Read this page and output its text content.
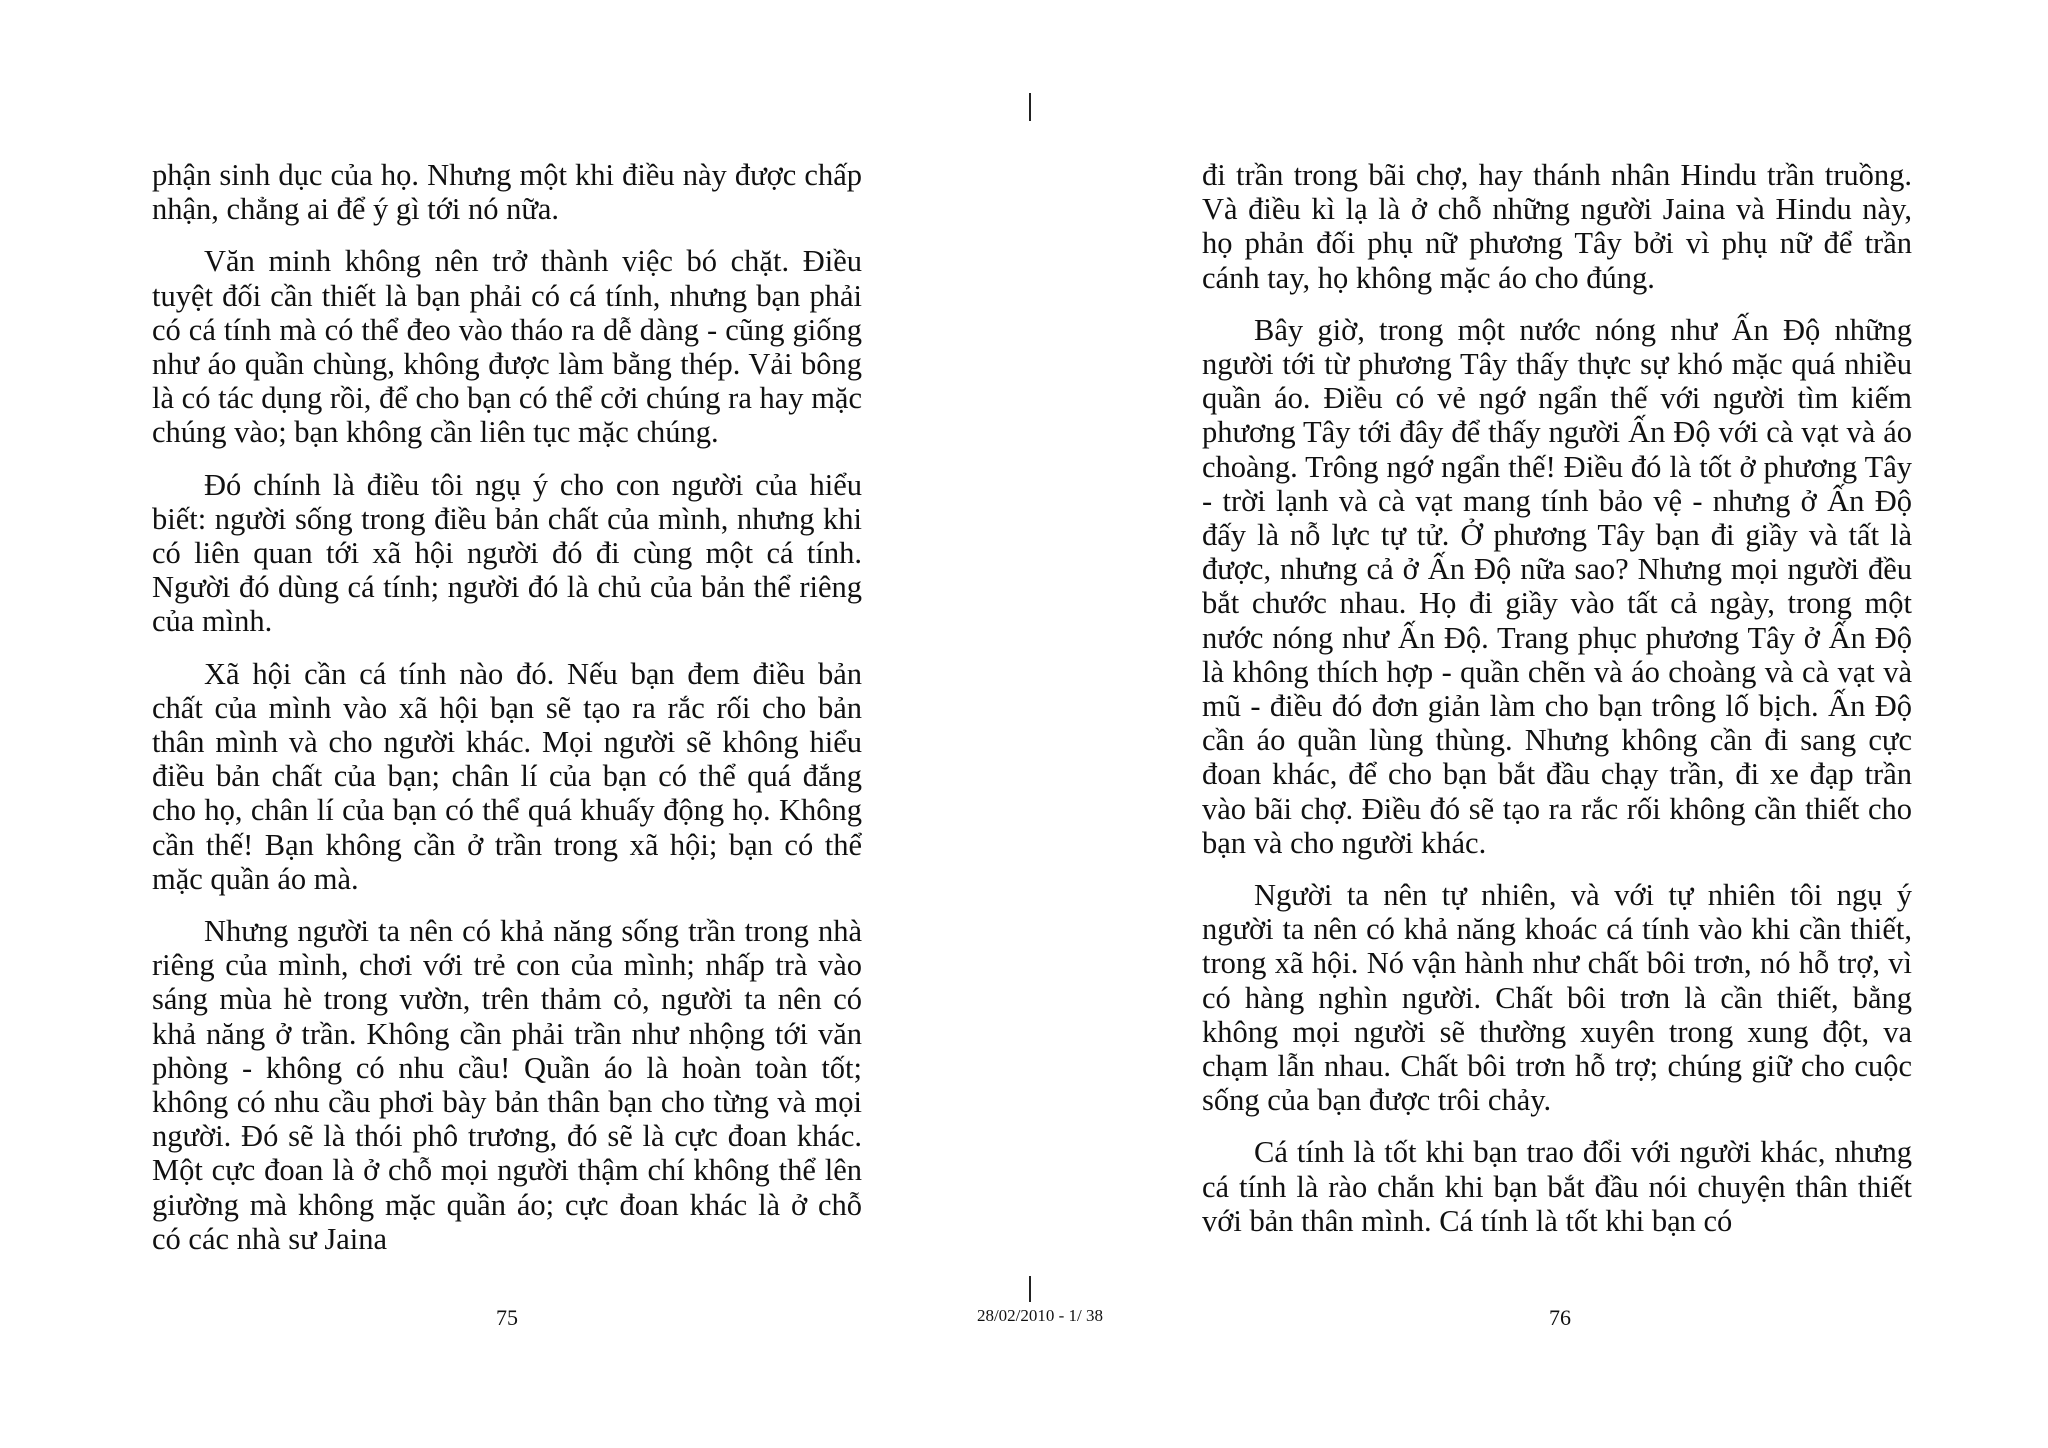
phận sinh dục của họ. Nhưng một khi điều này được chấp nhận, chẳng ai để ý gì tới nó nữa.

Văn minh không nên trở thành việc bó chặt. Điều tuyệt đối cần thiết là bạn phải có cá tính, nhưng bạn phải có cá tính mà có thể đeo vào tháo ra dễ dàng - cũng giống như áo quần chùng, không được làm bằng thép. Vải bông là có tác dụng rồi, để cho bạn có thể cởi chúng ra hay mặc chúng vào; bạn không cần liên tục mặc chúng.

Đó chính là điều tôi ngụ ý cho con người của hiểu biết: người sống trong điều bản chất của mình, nhưng khi có liên quan tới xã hội người đó đi cùng một cá tính. Người đó dùng cá tính; người đó là chủ của bản thể riêng của mình.

Xã hội cần cá tính nào đó. Nếu bạn đem điều bản chất của mình vào xã hội bạn sẽ tạo ra rắc rối cho bản thân mình và cho người khác. Mọi người sẽ không hiểu điều bản chất của bạn; chân lí của bạn có thể quá đắng cho họ, chân lí của bạn có thể quá khuấy động họ. Không cần thế! Bạn không cần ở trần trong xã hội; bạn có thể mặc quần áo mà.

Nhưng người ta nên có khả năng sống trần trong nhà riêng của mình, chơi với trẻ con của mình; nhấp trà vào sáng mùa hè trong vườn, trên thảm cỏ, người ta nên có khả năng ở trần. Không cần phải trần như nhộng tới văn phòng - không có nhu cầu! Quần áo là hoàn toàn tốt; không có nhu cầu phơi bày bản thân bạn cho từng và mọi người. Đó sẽ là thói phô trương, đó sẽ là cực đoan khác. Một cực đoan là ở chỗ mọi người thậm chí không thể lên giường mà không mặc quần áo; cực đoan khác là ở chỗ có các nhà sư Jaina

đi trần trong bãi chợ, hay thánh nhân Hindu trần truồng. Và điều kì lạ là ở chỗ những người Jaina và Hindu này, họ phản đối phụ nữ phương Tây bởi vì phụ nữ để trần cánh tay, họ không mặc áo cho đúng.

Bây giờ, trong một nước nóng như Ấn Độ những người tới từ phương Tây thấy thực sự khó mặc quá nhiều quần áo. Điều có vẻ ngớ ngẩn thế với người tìm kiếm phương Tây tới đây để thấy người Ấn Độ với cà vạt và áo choàng. Trông ngớ ngẩn thế! Điều đó là tốt ở phương Tây - trời lạnh và cà vạt mang tính bảo vệ - nhưng ở Ấn Độ đấy là nỗ lực tự tử. Ở phương Tây bạn đi giầy và tất là được, nhưng cả ở Ấn Độ nữa sao? Nhưng mọi người đều bắt chước nhau. Họ đi giầy vào tất cả ngày, trong một nước nóng như Ấn Độ. Trang phục phương Tây ở Ấn Độ là không thích hợp - quần chẽn và áo choàng và cà vạt và mũ - điều đó đơn giản làm cho bạn trông lố bịch. Ấn Độ cần áo quần lùng thùng. Nhưng không cần đi sang cực đoan khác, để cho bạn bắt đầu chạy trần, đi xe đạp trần vào bãi chợ. Điều đó sẽ tạo ra rắc rối không cần thiết cho bạn và cho người khác.

Người ta nên tự nhiên, và với tự nhiên tôi ngụ ý người ta nên có khả năng khoác cá tính vào khi cần thiết, trong xã hội. Nó vận hành như chất bôi trơn, nó hỗ trợ, vì có hàng nghìn người. Chất bôi trơn là cần thiết, bằng không mọi người sẽ thường xuyên trong xung đột, va chạm lẫn nhau. Chất bôi trơn hỗ trợ; chúng giữ cho cuộc sống của bạn được trôi chảy.

Cá tính là tốt khi bạn trao đổi với người khác, nhưng cá tính là rào chắn khi bạn bắt đầu nói chuyện thân thiết với bản thân mình. Cá tính là tốt khi bạn có

75	28/02/2010 - 1/ 38	76
